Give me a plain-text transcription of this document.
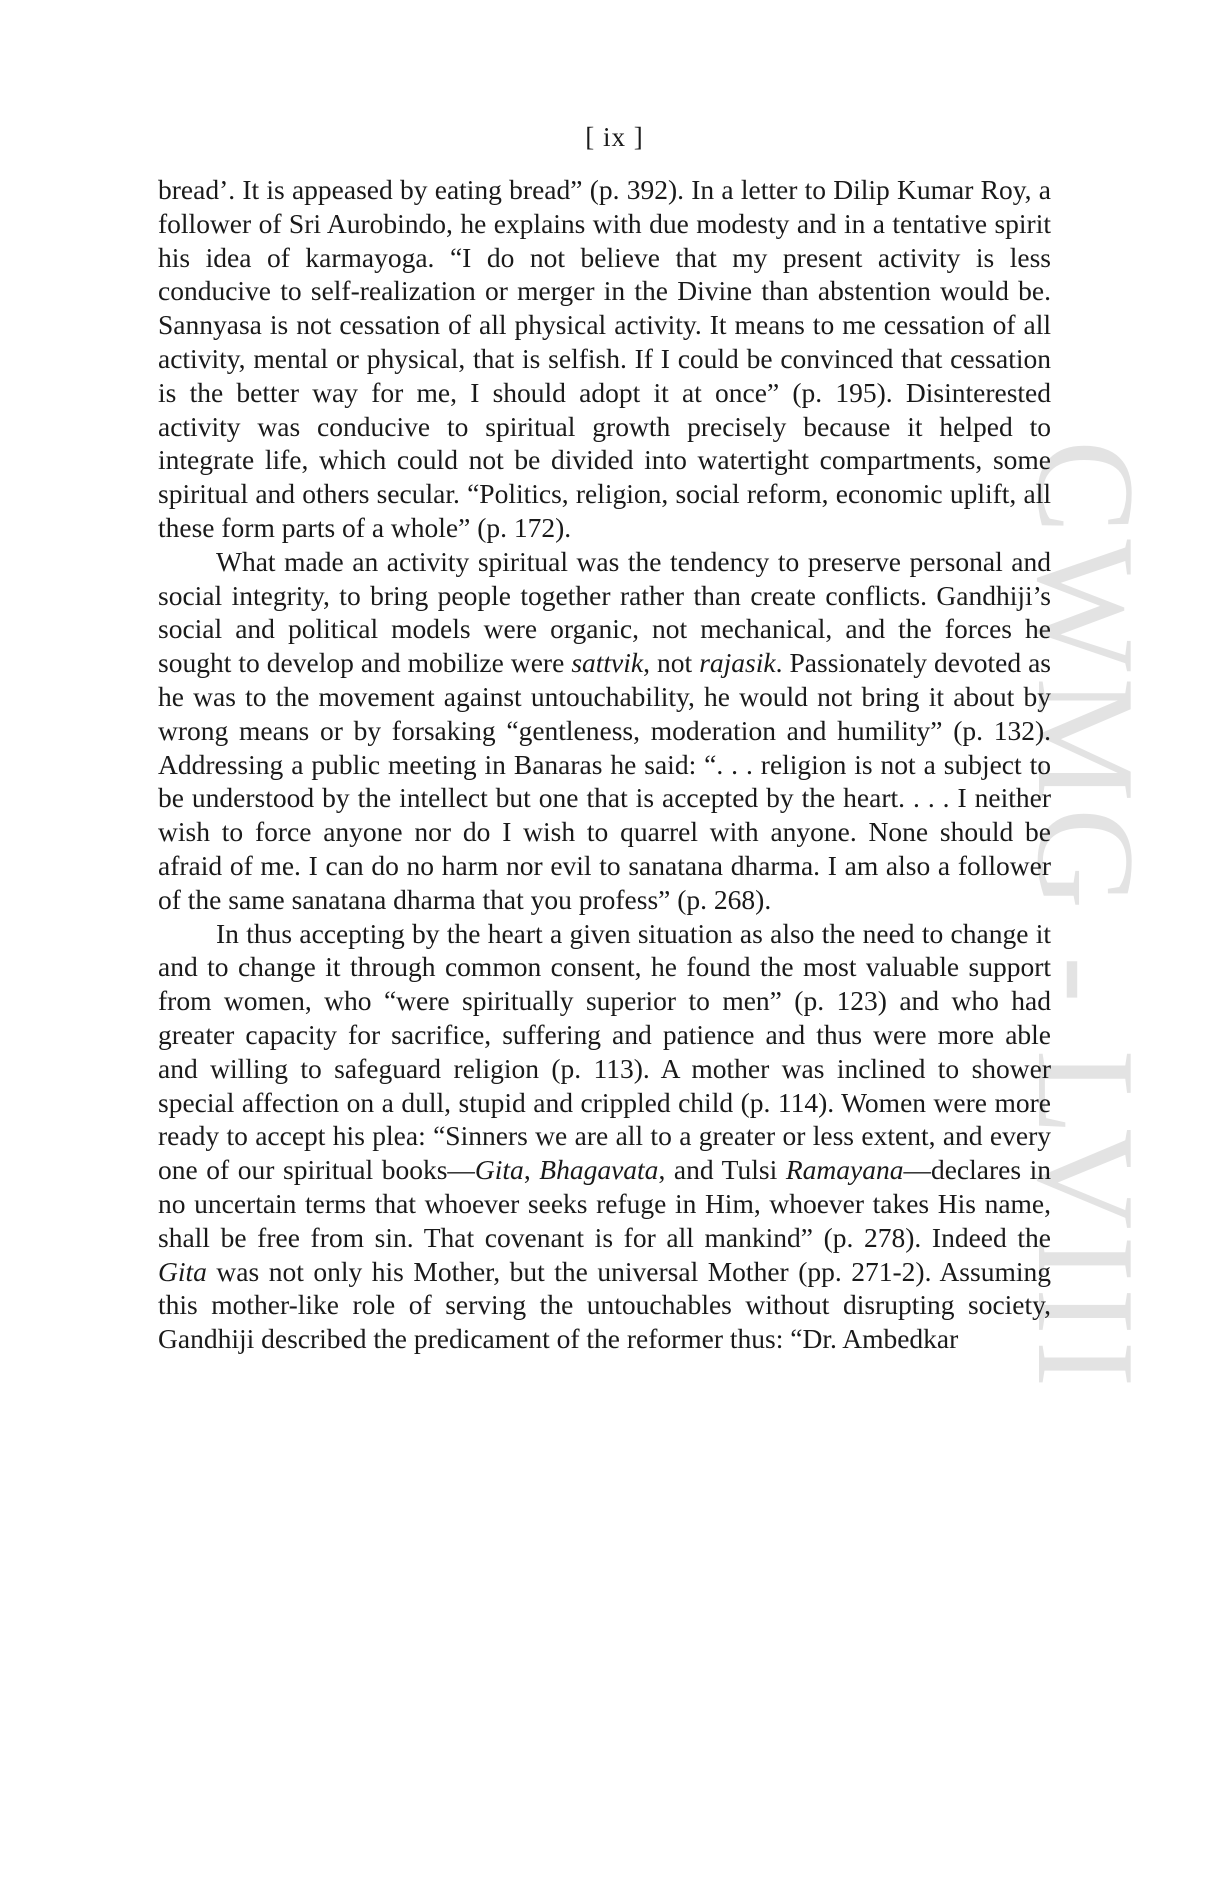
CWMG - LVIII
[ ix ]

bread’. It is appeased by eating bread” (p. 392). In a letter to Dilip Kumar Roy, a follower of Sri Aurobindo, he explains with due modesty and in a tentative spirit his idea of karmayoga. “I do not believe that my present activity is less conducive to self-realization or merger in the Divine than abstention would be. Sannyasa is not cessation of all physical activity. It means to me cessation of all activity, mental or physical, that is selfish. If I could be convinced that cessation is the better way for me, I should adopt it at once” (p. 195). Disinterested activity was conducive to spiritual growth precisely because it helped to integrate life, which could not be divided into watertight compartments, some spiritual and others secular. “Politics, religion, social reform, economic uplift, all these form parts of a whole” (p. 172).

What made an activity spiritual was the tendency to preserve personal and social integrity, to bring people together rather than create conflicts. Gandhiji’s social and political models were organic, not mechanical, and the forces he sought to develop and mobilize were sattvik, not rajasik. Passionately devoted as he was to the movement against untouchability, he would not bring it about by wrong means or by forsaking “gentleness, moderation and humility” (p. 132). Addressing a public meeting in Banaras he said: “. . . religion is not a subject to be understood by the intellect but one that is accepted by the heart. . . . I neither wish to force anyone nor do I wish to quarrel with anyone. None should be afraid of me. I can do no harm nor evil to sanatana dharma. I am also a follower of the same sanatana dharma that you profess” (p. 268).

In thus accepting by the heart a given situation as also the need to change it and to change it through common consent, he found the most valuable support from women, who “were spiritually superior to men” (p. 123) and who had greater capacity for sacrifice, suffering and patience and thus were more able and willing to safeguard religion (p. 113). A mother was inclined to shower special affection on a dull, stupid and crippled child (p. 114). Women were more ready to accept his plea: “Sinners we are all to a greater or less extent, and every one of our spiritual books—Gita, Bhagavata, and Tulsi Ramayana—declares in no uncertain terms that whoever seeks refuge in Him, whoever takes His name, shall be free from sin. That covenant is for all mankind” (p. 278). Indeed the Gita was not only his Mother, but the universal Mother (pp. 271-2). Assuming this mother-like role of serving the untouchables without disrupting society, Gandhiji described the predicament of the reformer thus: “Dr. Ambedkar
